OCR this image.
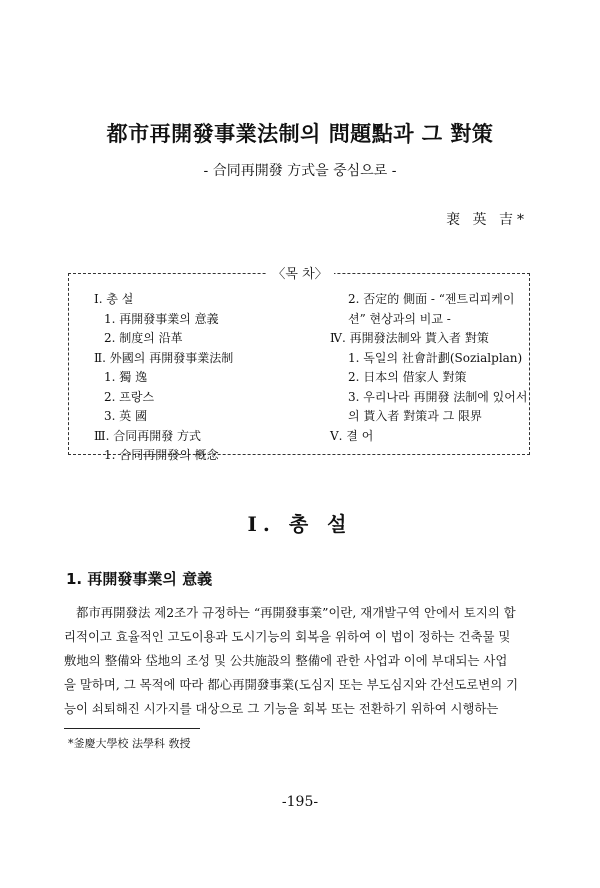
都市再開發事業法制의 問題點과 그 對策
- 合同再開發 方式을 중심으로 -
裵 英 吉*
〈목 차〉
Ⅰ. 총 설
1. 再開發事業의 意義
2. 制度의 沿革
Ⅱ. 外國의 再開發事業法制
1. 獨 逸
2. 프랑스
3. 英 國
Ⅲ. 合同再開發 方式
1. 合同再開發의 槪念
2. 否定的 側面 - “젠트리피케이
션” 현상과의 비교 -
Ⅳ. 再開發法制와 貰入者 對策
1. 독일의 社會計劃(Sozialplan)
2. 日本의 借家人 對策
3. 우리나라 再開發 法制에 있어서
의 貰入者 對策과 그 限界
Ⅴ. 결 어
Ⅰ. 총 설
1. 再開發事業의 意義
都市再開發法 제2조가 규정하는 “再開發事業”이란, 재개발구역 안에서 토지의 합
리적이고 효율적인 고도이용과 도시기능의 회복을 위하여 이 법이 정하는 건축물 및
敷地의 整備와 垈地의 조성 및 公共施設의 整備에 관한 사업과 이에 부대되는 사업
을 말하며, 그 목적에 따라 都心再開發事業(도심지 또는 부도심지와 간선도로변의 기
능이 쇠퇴해진 시가지를 대상으로 그 기능을 회복 또는 전환하기 위하여 시행하는
*釜慶大學校 法學科 敎授
-195-
